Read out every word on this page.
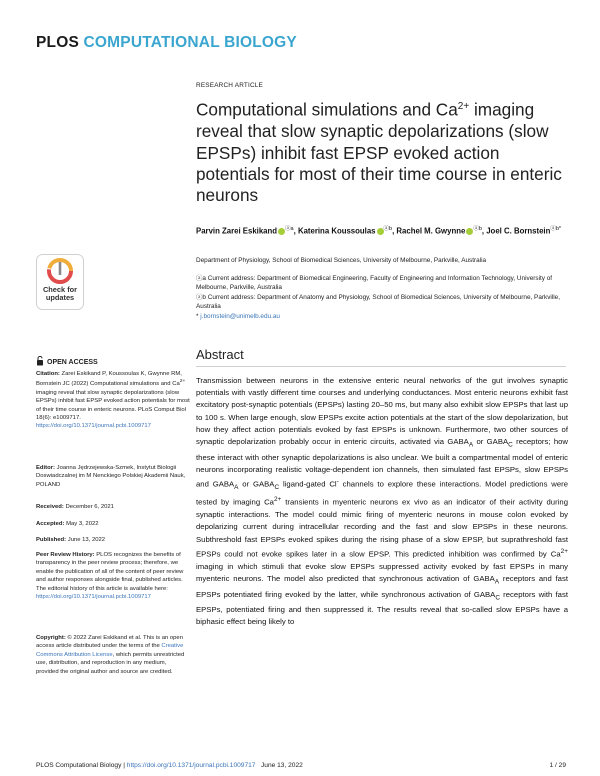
PLOS COMPUTATIONAL BIOLOGY
RESEARCH ARTICLE
Computational simulations and $Ca^{2+}$ imaging reveal that slow synaptic depolarizations (slow EPSPs) inhibit fast EPSP evoked action potentials for most of their time course in enteric neurons
Parvin Zarei Eskikand $^{ⓐa}$, Katerina Koussoulas $^{ⓐb}$, Rachel M. Gwynne $^{ⓐb}$, Joel C. Bornstein$^{ⓐb*}$
Department of Physiology, School of Biomedical Sciences, University of Melbourne, Parkville, Australia
ⓐa Current address: Department of Biomedical Engineering, Faculty of Engineering and Information Technology, University of Melbourne, Parkville, Australia
ⓐb Current address: Department of Anatomy and Physiology, School of Biomedical Sciences, University of Melbourne, Parkville, Australia
* j.bornstein@unimelb.edu.au
Check for
updates
OPEN ACCESS
Citation: Zarei Eskikand P, Koussoulas K, Gwynne RM, Bornstein JC (2022) Computational simulations and $Ca^{2+}$ imaging reveal that slow synaptic depolarizations (slow EPSPs) inhibit fast EPSP evoked action potentials for most of their time course in enteric neurons. PLoS Comput Biol 18(6): e1009717. https://doi.org/10.1371/journal.pcbi.1009717
Editor: Joanna Jędrzejewska-Szmek, Instytut Biologii Doswiadczalnej im M Nenckiego Polskiej Akademii Nauk, POLAND
Received: December 6, 2021
Accepted: May 3, 2022
Published: June 13, 2022
Peer Review History: PLOS recognizes the benefits of transparency in the peer review process; therefore, we enable the publication of all of the content of peer review and author responses alongside final, published articles. The editorial history of this article is available here: https://doi.org/10.1371/journal.pcbi.1009717
Copyright: © 2022 Zarei Eskikand et al. This is an open access article distributed under the terms of the Creative Commons Attribution License, which permits unrestricted use, distribution, and reproduction in any medium, provided the original author and source are credited.
Abstract
Transmission between neurons in the extensive enteric neural networks of the gut involves synaptic potentials with vastly different time courses and underlying conductances. Most enteric neurons exhibit fast excitatory post-synaptic potentials (EPSPs) lasting 20–50 ms, but many also exhibit slow EPSPs that last up to 100 s. When large enough, slow EPSPs excite action potentials at the start of the slow depolarization, but how they affect action potentials evoked by fast EPSPs is unknown. Furthermore, two other sources of synaptic depolarization probably occur in enteric circuits, activated via $GABA_A$ or $GABA_C$ receptors; how these interact with other synaptic depolarizations is also unclear. We built a compartmental model of enteric neurons incorporating realistic voltage-dependent ion channels, then simulated fast EPSPs, slow EPSPs and $GABA_A$ or $GABA_C$ ligand-gated Cl- channels to explore these interactions. Model predictions were tested by imaging $Ca^{2+}$ transients in myenteric neurons ex vivo as an indicator of their activity during synaptic interactions. The model could mimic firing of myenteric neurons in mouse colon evoked by depolarizing current during intracellular recording and the fast and slow EPSPs in these neurons. Subthreshold fast EPSPs evoked spikes during the rising phase of a slow EPSP, but suprathreshold fast EPSPs could not evoke spikes later in a slow EPSP. This predicted inhibition was confirmed by $Ca^{2+}$ imaging in which stimuli that evoke slow EPSPs suppressed activity evoked by fast EPSPs in many myenteric neurons. The model also predicted that synchronous activation of $GABA_A$ receptors and fast EPSPs potentiated firing evoked by the latter, while synchronous activation of $GABA_C$ receptors with fast EPSPs, potentiated firing and then suppressed it. The results reveal that so-called slow EPSPs have a biphasic effect being likely to
PLOS Computational Biology | https://doi.org/10.1371/journal.pcbi.1009717 June 13, 2022	1 / 29
